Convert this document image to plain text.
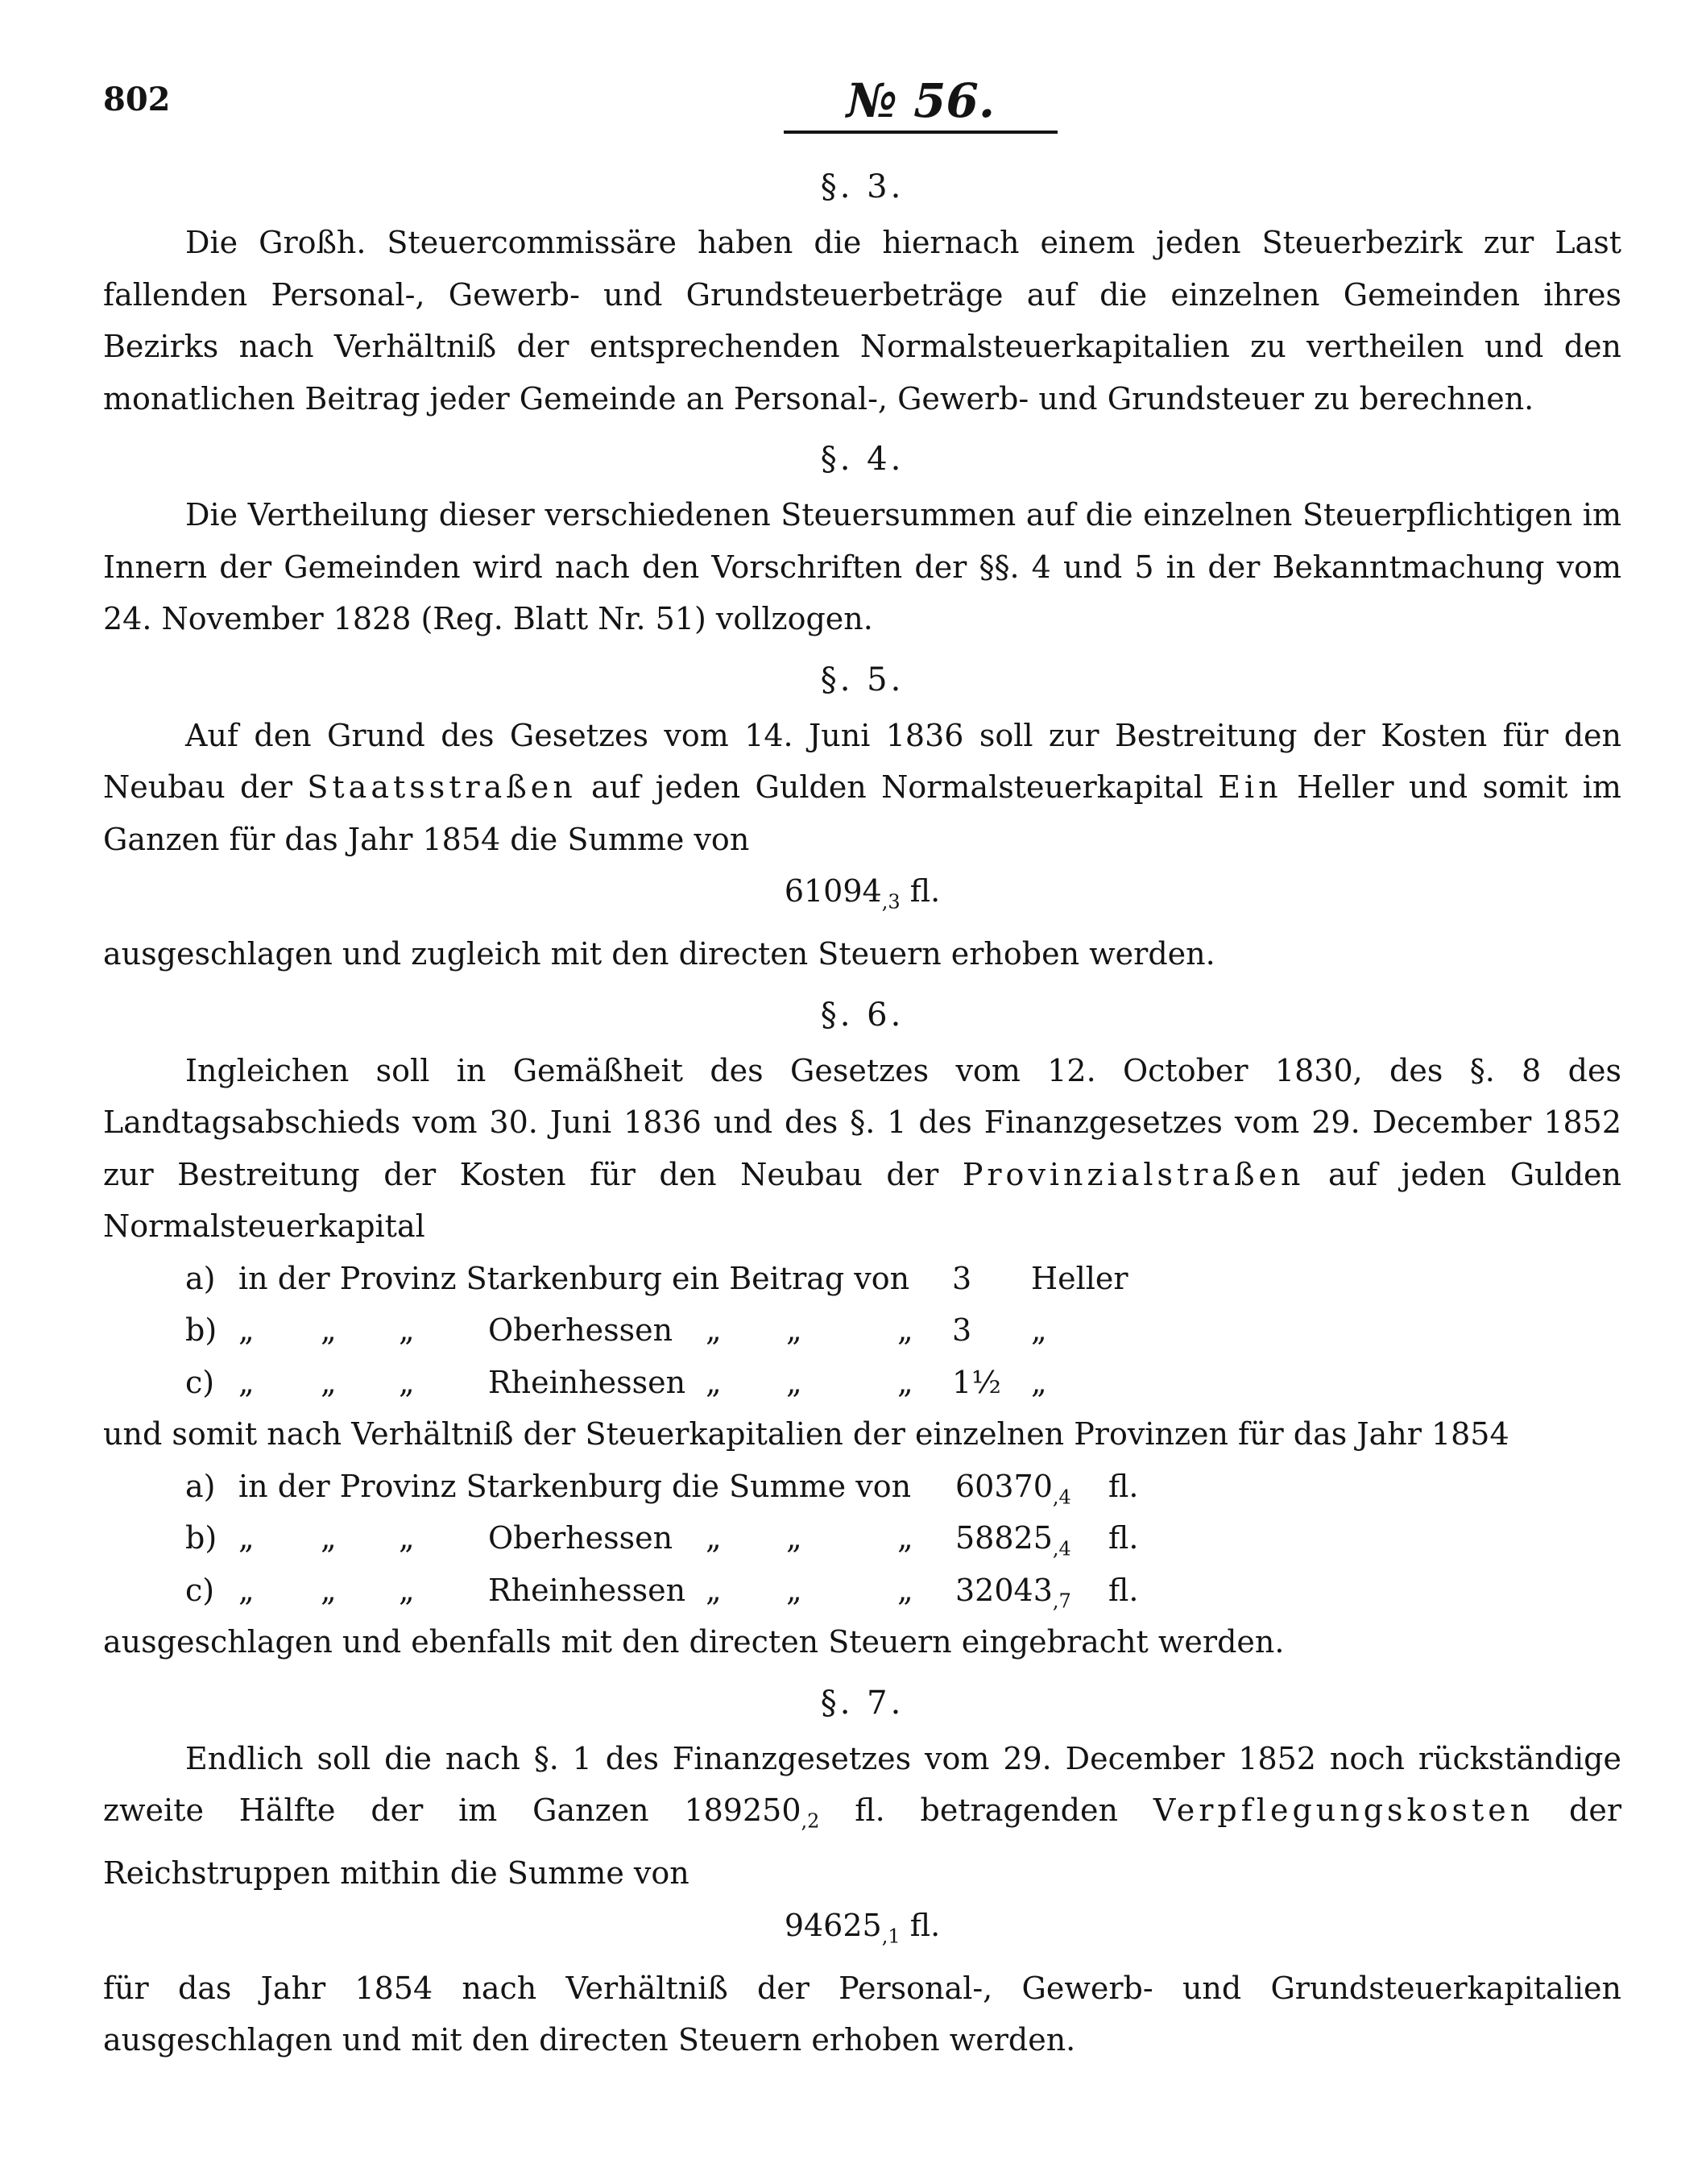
802	№ 56.
§. 3.

Die Großh. Steuercommissäre haben die hiernach einem jeden Steuerbezirk zur Last fallenden Personal-, Gewerb- und Grundsteuerbeträge auf die einzelnen Gemeinden ihres Bezirks nach Verhältniß der entsprechenden Normalsteuerkapitalien zu vertheilen und den monatlichen Beitrag jeder Gemeinde an Personal-, Gewerb- und Grundsteuer zu berechnen.

§. 4.

Die Vertheilung dieser verschiedenen Steuersummen auf die einzelnen Steuerpflichtigen im Innern der Gemeinden wird nach den Vorschriften der §§. 4 und 5 in der Bekanntmachung vom 24. November 1828 (Reg. Blatt Nr. 51) vollzogen.

§. 5.

Auf den Grund des Gesetzes vom 14. Juni 1836 soll zur Bestreitung der Kosten für den Neubau der Staatsstraßen auf jeden Gulden Normalsteuerkapital Ein Heller und somit im Ganzen für das Jahr 1854 die Summe von

$61094_{,3}$ fl.

ausgeschlagen und zugleich mit den directen Steuern erhoben werden.

§. 6.

Ingleichen soll in Gemäßheit des Gesetzes vom 12. October 1830, des §. 8 des Landtagsabschieds vom 30. Juni 1836 und des §. 1 des Finanzgesetzes vom 29. December 1852 zur Bestreitung der Kosten für den Neubau der Provinzialstraßen auf jeden Gulden Normalsteuerkapital

a) in der Provinz Starkenburg ein Beitrag von 3 Heller
b) „ „ „ Oberhessen „ „	„ 3 „
c) „ „ „ Rheinhessen „ „	„ 1½ „

und somit nach Verhältniß der Steuerkapitalien der einzelnen Provinzen für das Jahr 1854

a) in der Provinz Starkenburg die Summe von $60370_{,4}$ fl.
b) „ „ „ Oberhessen „ „	„ $58825_{,4}$ fl.
c) „ „ „ Rheinhessen „ „	„ $32043_{,7}$ fl.

ausgeschlagen und ebenfalls mit den directen Steuern eingebracht werden.

§. 7.

Endlich soll die nach §. 1 des Finanzgesetzes vom 29. December 1852 noch rückständige zweite Hälfte der im Ganzen $189250_{,2}$ fl. betragenden Verpflegungskosten der Reichstruppen mithin die Summe von

$94625_{,1}$ fl.

für das Jahr 1854 nach Verhältniß der Personal-, Gewerb- und Grundsteuerkapitalien ausgeschlagen und mit den directen Steuern erhoben werden.
